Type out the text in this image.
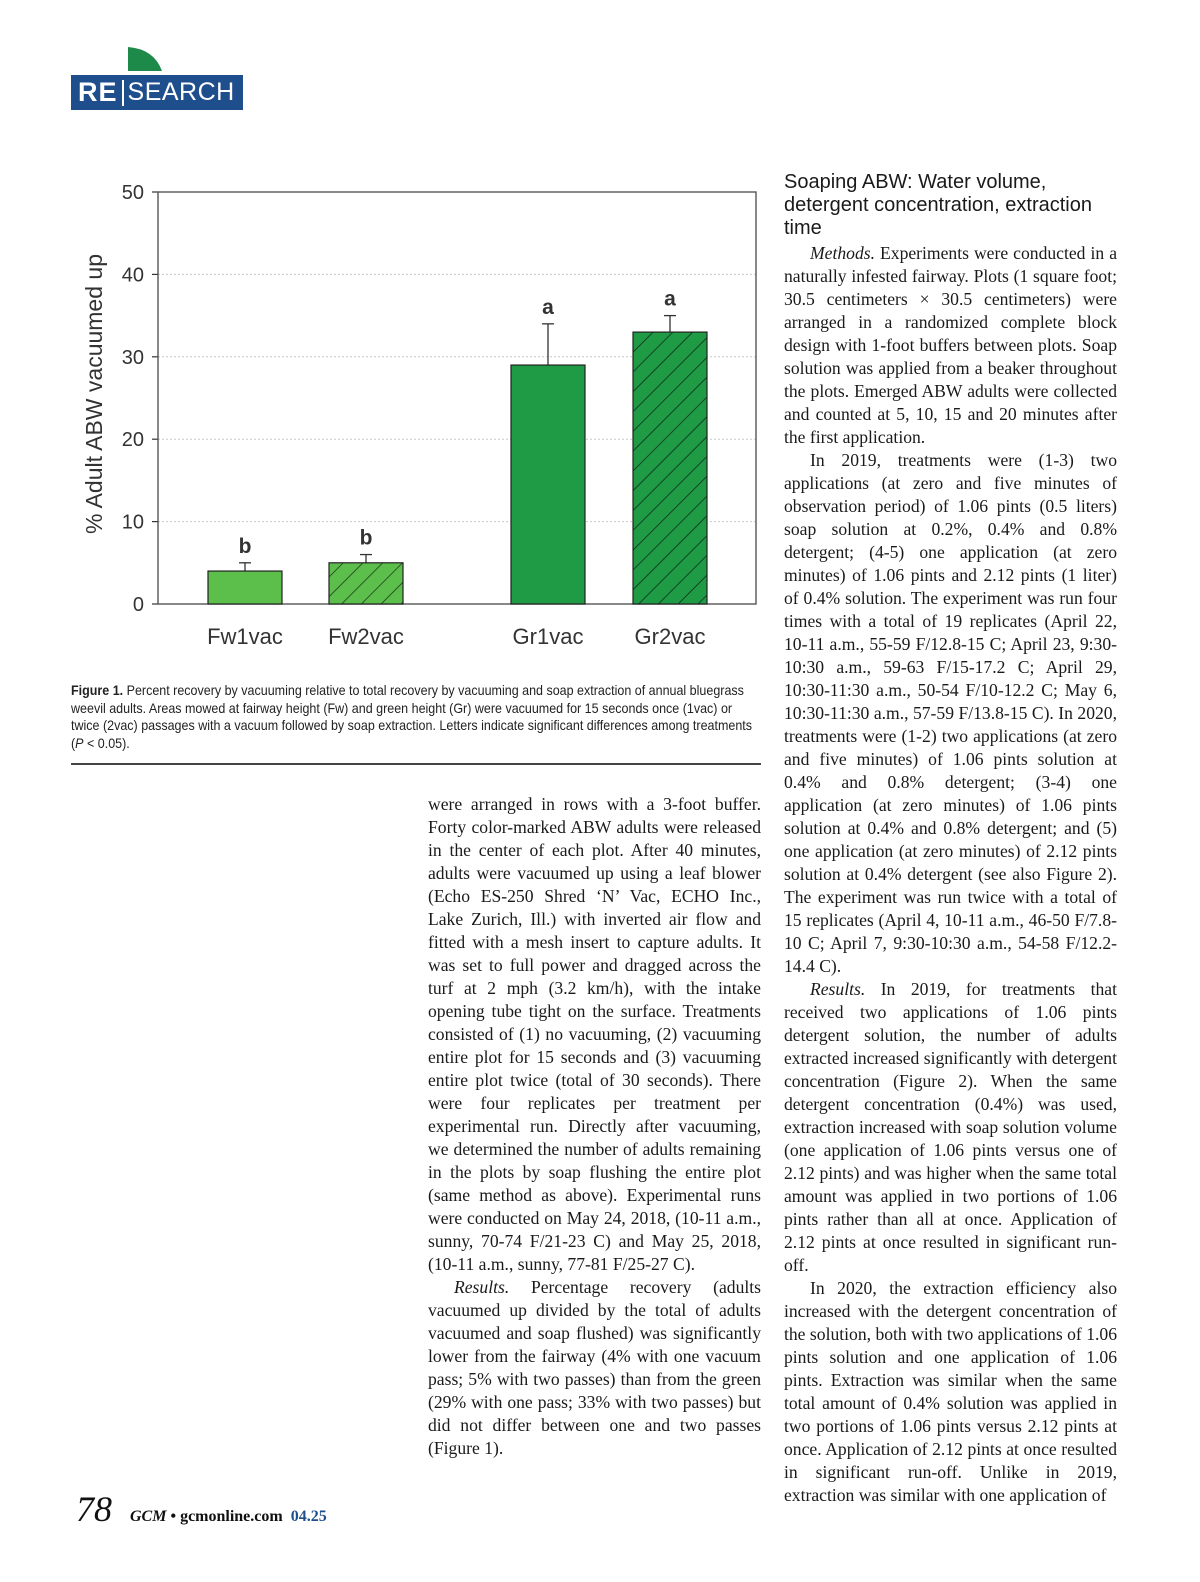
RE SEARCH
0
10
20
30
40
50
% Adult ABW vacuumed up
b
Fw1vac
b
Fw2vac
a
Gr1vac
a
Gr2vac
Figure 1. Percent recovery by vacuuming relative to total recovery by vacuuming and soap extraction of annual bluegrass weevil adults. Areas mowed at fairway height (Fw) and green height (Gr) were vacuumed for 15 seconds once (1vac) or twice (2vac) passages with a vacuum followed by soap extraction. Letters indicate significant differences among treatments (P < 0.05).

were arranged in rows with a 3-foot buffer. Forty color-marked ABW adults were released in the center of each plot. After 40 minutes, adults were vacuumed up using a leaf blower (Echo ES-250 Shred ‘N’ Vac, ECHO Inc., Lake Zurich, Ill.) with inverted air flow and fitted with a mesh insert to capture adults. It was set to full power and dragged across the turf at 2 mph (3.2 km/h), with the intake opening tube tight on the surface. Treatments consisted of (1) no vacuuming, (2) vacuuming entire plot for 15 seconds and (3) vacuuming entire plot twice (total of 30 seconds). There were four replicates per treatment per experimental run. Directly after vacuuming, we determined the number of adults remaining in the plots by soap flushing the entire plot (same method as above). Experimental runs were conducted on May 24, 2018, (10-11 a.m., sunny, 70-74 F/21-23 C) and May 25, 2018, (10-11 a.m., sunny, 77-81 F/25-27 C).

Results. Percentage recovery (adults vacuumed up divided by the total of adults vacuumed and soap flushed) was significantly lower from the fairway (4% with one vacuum pass; 5% with two passes) than from the green (29% with one pass; 33% with two passes) but did not differ between one and two passes (Figure 1).

Soaping ABW: Water volume, detergent concentration, extraction time

Methods. Experiments were conducted in a naturally infested fairway. Plots (1 square foot; 30.5 centimeters × 30.5 centimeters) were arranged in a randomized complete block design with 1-foot buffers between plots. Soap solution was applied from a beaker throughout the plots. Emerged ABW adults were collected and counted at 5, 10, 15 and 20 minutes after the first application.

In 2019, treatments were (1-3) two applications (at zero and five minutes of observation period) of 1.06 pints (0.5 liters) soap solution at 0.2%, 0.4% and 0.8% detergent; (4-5) one application (at zero minutes) of 1.06 pints and 2.12 pints (1 liter) of 0.4% solution. The experiment was run four times with a total of 19 replicates (April 22, 10-11 a.m., 55-59 F/12.8-15 C; April 23, 9:30-10:30 a.m., 59-63 F/15-17.2 C; April 29, 10:30-11:30 a.m., 50-54 F/10-12.2 C; May 6, 10:30-11:30 a.m., 57-59 F/13.8-15 C). In 2020, treatments were (1-2) two applications (at zero and five minutes) of 1.06 pints solution at 0.4% and 0.8% detergent; (3-4) one application (at zero minutes) of 1.06 pints solution at 0.4% and 0.8% detergent; and (5) one application (at zero minutes) of 2.12 pints solution at 0.4% detergent (see also Figure 2). The experiment was run twice with a total of 15 replicates (April 4, 10-11 a.m., 46-50 F/7.8-10 C; April 7, 9:30-10:30 a.m., 54-58 F/12.2-14.4 C).

Results. In 2019, for treatments that received two applications of 1.06 pints detergent solution, the number of adults extracted increased significantly with detergent concentration (Figure 2). When the same detergent concentration (0.4%) was used, extraction increased with soap solution volume (one application of 1.06 pints versus one of 2.12 pints) and was higher when the same total amount was applied in two portions of 1.06 pints rather than all at once. Application of 2.12 pints at once resulted in significant run-off.

In 2020, the extraction efficiency also increased with the detergent concentration of the solution, both with two applications of 1.06 pints solution and one application of 1.06 pints. Extraction was similar when the same total amount of 0.4% solution was applied in two portions of 1.06 pints versus 2.12 pints at once. Application of 2.12 pints at once resulted in significant run-off. Unlike in 2019, extraction was similar with one application of

78 GCM • gcmonline.com 04.25
